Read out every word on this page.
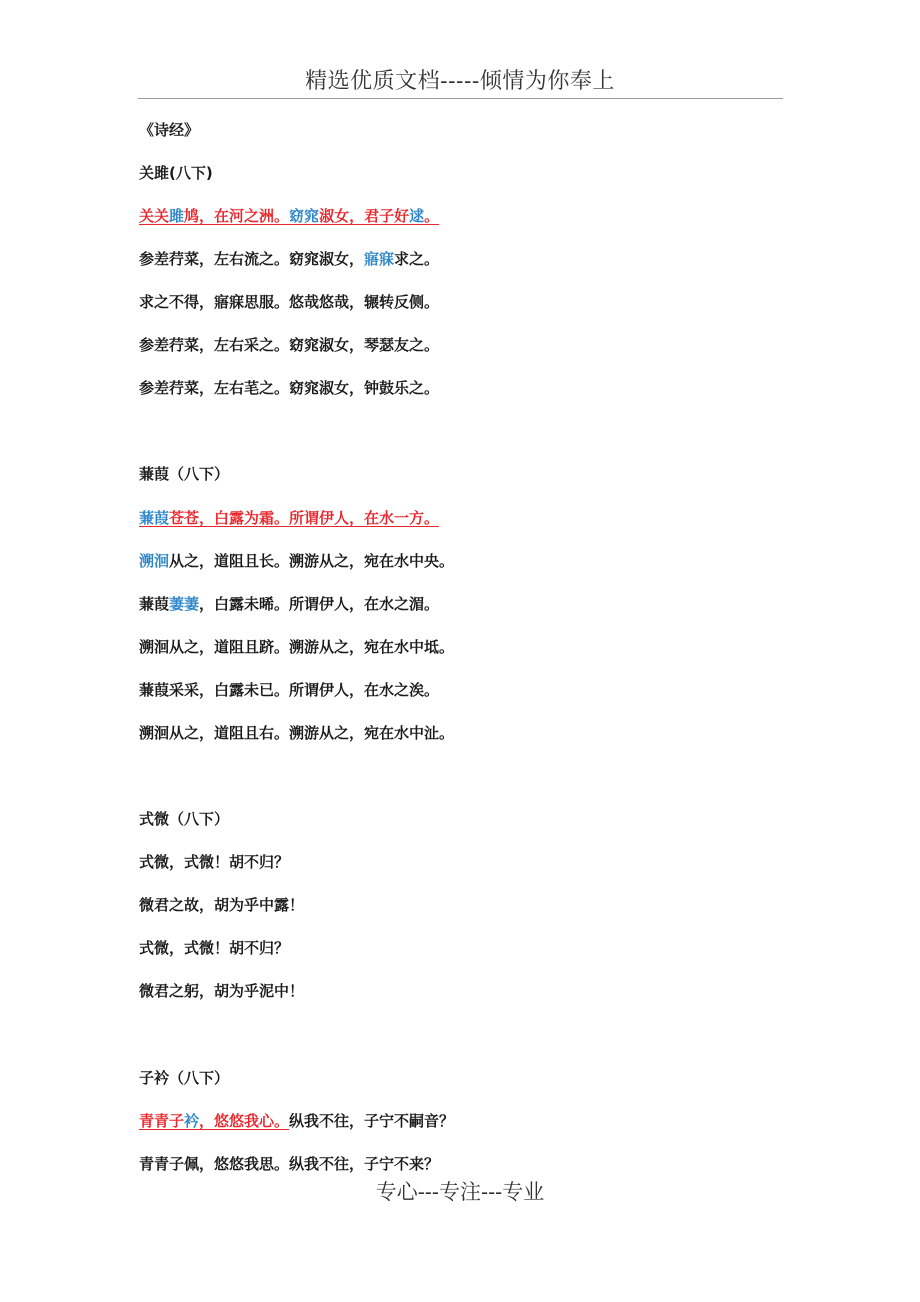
精选优质文档-----倾情为你奉上
《诗经》
关雎(八下)
关关雎鸠，在河之洲。窈窕淑女，君子好逑。
参差荇菜，左右流之。窈窕淑女，寤寐求之。
求之不得，寤寐思服。悠哉悠哉，辗转反侧。
参差荇菜，左右采之。窈窕淑女，琴瑟友之。
参差荇菜，左右芼之。窈窕淑女，钟鼓乐之。
蒹葭（八下）
蒹葭苍苍，白露为霜。所谓伊人，在水一方。
溯洄从之，道阻且长。溯游从之，宛在水中央。
蒹葭萋萋，白露未晞。所谓伊人，在水之湄。
溯洄从之，道阻且跻。溯游从之，宛在水中坻。
蒹葭采采，白露未已。所谓伊人，在水之涘。
溯洄从之，道阻且右。溯游从之，宛在水中沚。
式微（八下）
式微，式微！胡不归？
微君之故，胡为乎中露！
式微，式微！胡不归？
微君之躬，胡为乎泥中！
子衿（八下）
青青子衿，悠悠我心。纵我不往，子宁不嗣音？
青青子佩，悠悠我思。纵我不往，子宁不来？
专心---专注---专业
